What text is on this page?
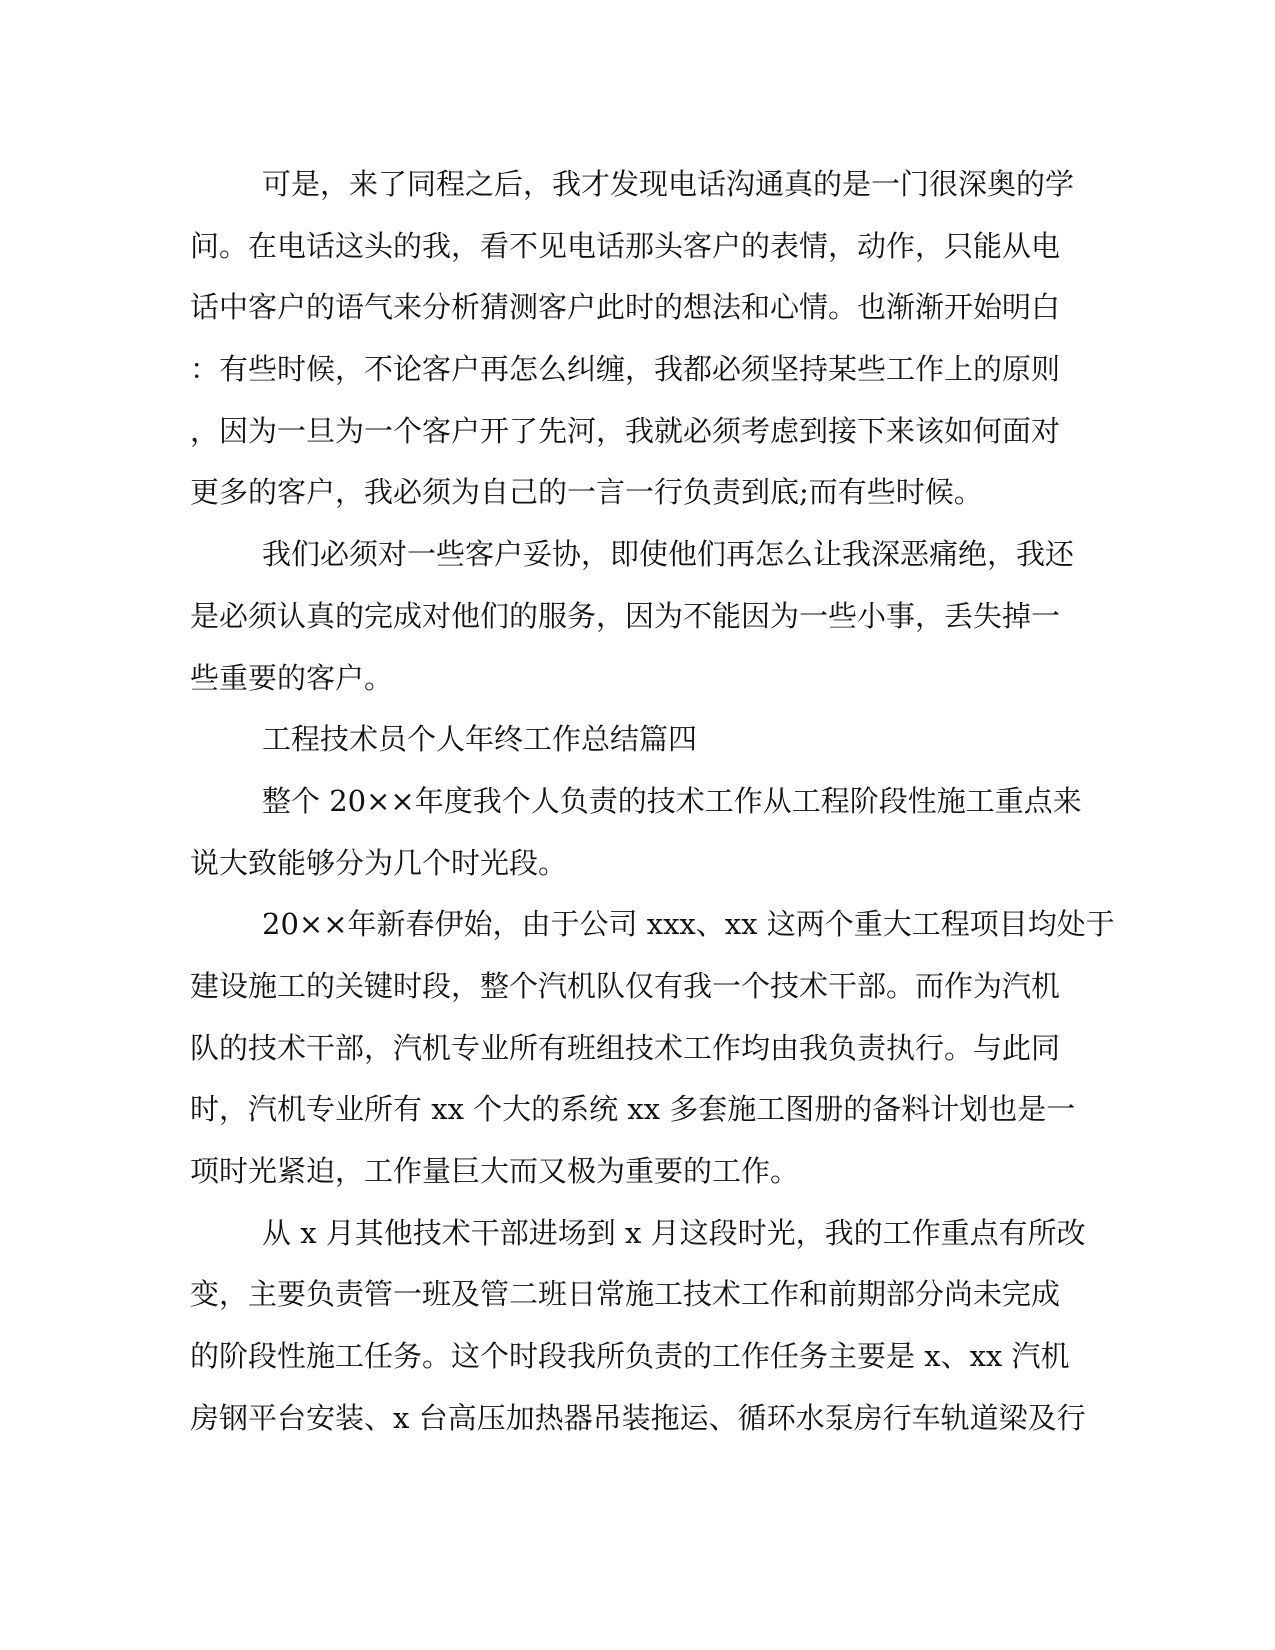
可是，来了同程之后，我才发现电话沟通真的是一门很深奥的学
问。在电话这头的我，看不见电话那头客户的表情，动作，只能从电
话中客户的语气来分析猜测客户此时的想法和心情。也渐渐开始明白
：有些时候，不论客户再怎么纠缠，我都必须坚持某些工作上的原则
，因为一旦为一个客户开了先河，我就必须考虑到接下来该如何面对
更多的客户，我必须为自己的一言一行负责到底;而有些时候。
我们必须对一些客户妥协，即使他们再怎么让我深恶痛绝，我还
是必须认真的完成对他们的服务，因为不能因为一些小事，丢失掉一
些重要的客户。
工程技术员个人年终工作总结篇四
整个 20××年度我个人负责的技术工作从工程阶段性施工重点来
说大致能够分为几个时光段。
20××年新春伊始，由于公司 xxx、xx 这两个重大工程项目均处于
建设施工的关键时段，整个汽机队仅有我一个技术干部。而作为汽机
队的技术干部，汽机专业所有班组技术工作均由我负责执行。与此同
时，汽机专业所有 xx 个大的系统 xx 多套施工图册的备料计划也是一
项时光紧迫，工作量巨大而又极为重要的工作。
从 x 月其他技术干部进场到 x 月这段时光，我的工作重点有所改
变，主要负责管一班及管二班日常施工技术工作和前期部分尚未完成
的阶段性施工任务。这个时段我所负责的工作任务主要是 x、xx 汽机
房钢平台安装、x 台高压加热器吊装拖运、循环水泵房行车轨道梁及行
